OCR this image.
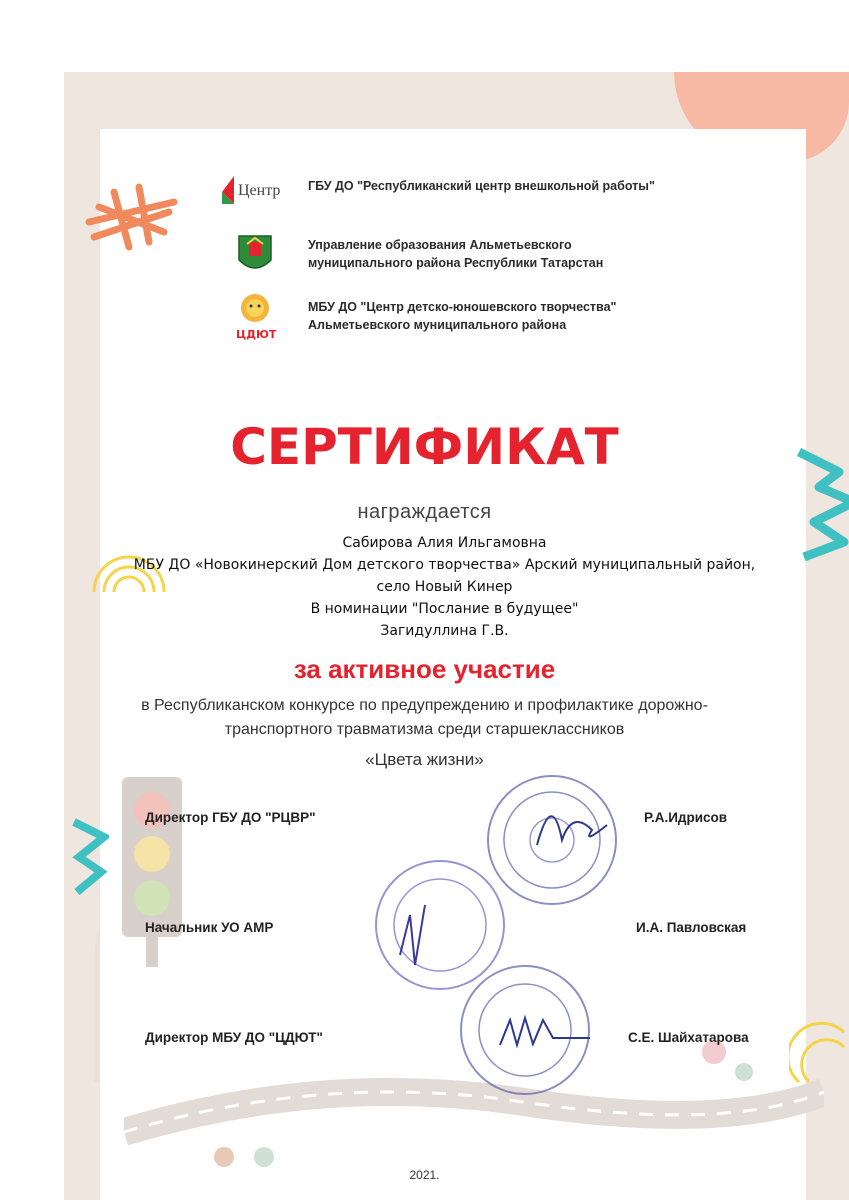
Центр ГБУ ДО "Республиканский центр внешкольной работы"
Управление образования Альметьевского
муниципального района Республики Татарстан
ЦДЮТ
МБУ ДО "Центр детско-юношевского творчества"
Альметьевского муниципального района
СЕРТИФИКАТ
награждается
Сабирова Алия Ильгамовна
МБУ ДО «Новокинерский Дом детского творчества» Арский муниципальный район, село Новый Кинер
В номинации "Послание в будущее"
Загидуллина Г.В.
за активное участие
в Республиканском конкурсе по предупреждению и профилактике дорожно-транспортного травматизма среди старшеклассников
«Цвета жизни»
Директор ГБУ ДО "РЦВР"	Р.А.Идрисов
Начальник УО АМР	И.А. Павловская
Директор МБУ ДО "ЦДЮТ"	С.Е. Шайхатарова
2021.
